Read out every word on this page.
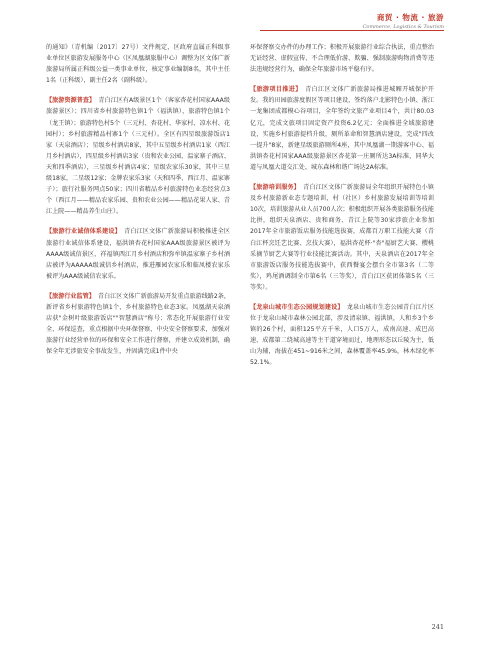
商贸 · 物流 · 旅游
Commerce, Logistics & Tourism

的通知》（青机编〔2017〕27号）文件规定，区政府直属正科级事业单位区旅游发展服务中心（区凤凰湖旅服中心）调整为区文体广新旅游局所属正科级公益一类事业单位，核定事业编制8名，其中主任1名（正科级），副主任2名（副科级）。

【旅游资源普查】　 青白江区有A级景区1个（客家杏花村国家AAA级旅游景区）；四川省乡村旅游特色镇1个（福洪镇），旅游特色镇1个（龙王镇）；旅游特色村5个（三元村、杏花村、华家村、凉水村、花园村）；乡村旅游精品村寨1个（三元村）。全区有四星级旅游饭店1家（天泉酒店）；星级乡村酒店8家，其中五星级乡村酒店1家（西江月乡村酒店），四星级乡村酒店3家（贵和农业公园、温家寨子酒店、天和四季酒店），三星级乡村酒店4家；星级农家乐30家，其中三星级18家，二星级12家；金牌农家乐3家（天和四季、西江月、温家寨子）；旅行社服务网点50家；四川省精品乡村旅游特色业态经营点3个（西江月——精品农家乐园、贵和农业公园——精品花果人家、青江上院——精品养生山庄）。

【旅游行业诚信体系建设】　 青白江区文体广新旅游局积极推进全区旅游行业诚信体系建设，福洪镇杏花村国家AAA级旅游景区被评为AAAA级诚信景区，祥福镇西江月乡村酒店和弥牟镇温家寨子乡村酒店被评为AAAAA级诚信乡村酒店，推进雁园农家乐和临凤楼农家乐被评为AAA级诚信农家乐。

【旅游行业监管】　 青白江区文体广新旅游局开发重点旅游线路2条，新评省乡村旅游特色镇1个，乡村旅游特色业态3家。凤凰湖天泉酒店获"金树叶级旅游饭店""智慧酒店"称号；常态化开展旅游行业安全、环保巡查，重点根据中央环保督察、中央安全督察要求，加强对旅游行业经营单位的环保和安全工作进行督察，并建立成效机制，确保全年无涉旅安全事故发生，并固满完成1件中央

环保督察交办件的办理工作；积极开展旅游行业综合执法，重点整治无证经营、虚假宣传、不合理低价游、欺骗、强制旅游购物消费等违法违规经营行为，确保全年旅游市场平稳有序。

【旅游项目推进】　 青白江区文体广新旅游局推进城厢开城保护开发。我的田园旅游度假区等项目建设，签约落户北影特色小镇、浙江一龙集团成都模心谷项目，全年签约文旅产业项目4个，共计80.03亿元，完成文旅项目固定资产投资6.2亿元；全面推进全域旅游建设，实施乡村旅游提档升级，厕所革命和智慧酒店建设，完成"四改一提升"8家，新建星级旅游厕所4座，其中凤凰湖一期游客中心、福洪镇杏花村国家AAA级旅游景区杏花第一庄厕所达3A标准，同华大道与凤凰大道交汇处、城东森林和谐广场达2A标准。

【旅游培训服务】　 青白江区文体广新旅游局全年组织开展特色小镇及乡村旅游新业态专题培训，村（社区）乡村旅游发展培训等培训10次，培训旅游从业人员700人次；积极组织开展各类旅游服务技能比拼，组织天泉酒店、贵和商务、青江上院等30家涉旅企业参加2017年全市旅游饭店服务技能选拔赛，成都百万职工技能大赛（青白江杯烹饪艺比赛、烹技大赛），福洪杏花杯·"杏"福厨艺大赛、樱桃采摘节厨艺大赛等行业技能比赛活动。其中，天泉酒店在2017年全市旅游饭店服务技能选拔赛中，获西餐宴会摆台全市第3名（二等奖），鸡尾酒调制全市第6名（三等奖），青白江区获团体第5名（三等奖）。

【龙泉山城市生态公园规划建设】　 龙泉山城市生态公园青白江片区位于龙泉山城市森林公园北部，涉及清泉镇、福洪镇，人和乡3个乡镇的26个村，面积125平方千米，人口5万人，成南高速、成巴高速、成都第二绕城高速等主干道穿境而过，地理形态以丘陵为主，低山为辅，海拔在451~916米之间，森林覆盖率45.9%，林木绿化率52.1%。

241
